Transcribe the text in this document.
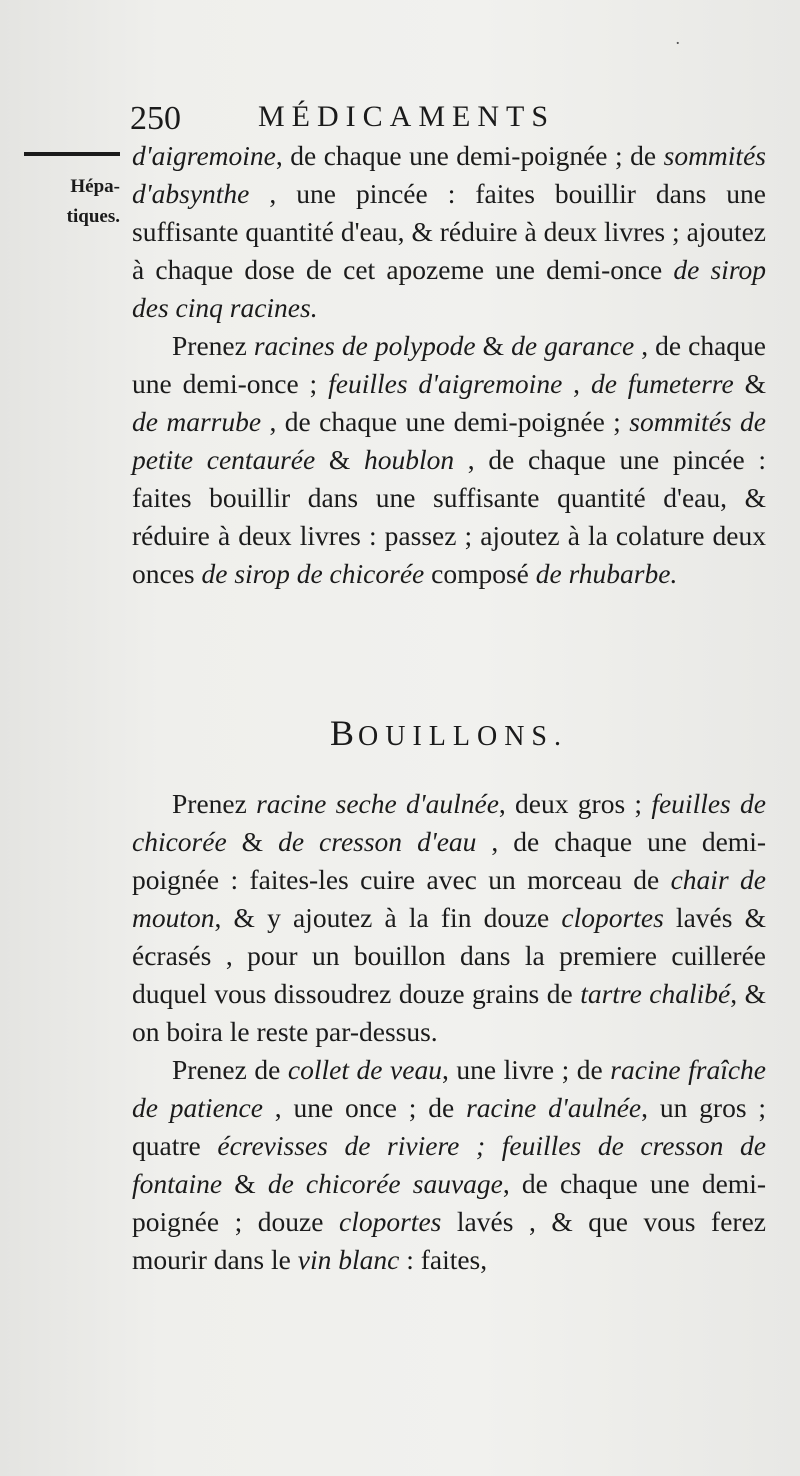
.
250	MÉDICAMENTS
Hépa-
tiques.

d'aigremoine, de chaque une demi-poignée ; de sommités d'absynthe , une pincée : faites bouillir dans une suffisante quantité d'eau, & réduire à deux livres ; ajoutez à chaque dose de cet apozeme une demi-once de sirop des cinq racines.

Prenez racines de polypode & de garance , de chaque une demi-once ; feuilles d'aigremoine , de fumeterre & de marrube , de chaque une demi-poignée ; sommités de petite centaurée & houblon , de chaque une pincée : faites bouillir dans une suffisante quantité d'eau, & réduire à deux livres : passez ; ajoutez à la colature deux onces de sirop de chicorée composé de rhubarbe.

BOUILLONS.

Prenez racine seche d'aulnée, deux gros ; feuilles de chicorée & de cresson d'eau , de chaque une demi-poignée : faites-les cuire avec un morceau de chair de mouton, & y ajoutez à la fin douze cloportes lavés & écrasés , pour un bouillon dans la premiere cuillerée duquel vous dissoudrez douze grains de tartre chalibé, & on boira le reste par-dessus.

Prenez de collet de veau, une livre ; de racine fraîche de patience , une once ; de racine d'aulnée, un gros ; quatre écrevisses de riviere ; feuilles de cresson de fontaine & de chicorée sauvage, de chaque une demi-poignée ; douze cloportes lavés , & que vous ferez mourir dans le vin blanc : faites,
